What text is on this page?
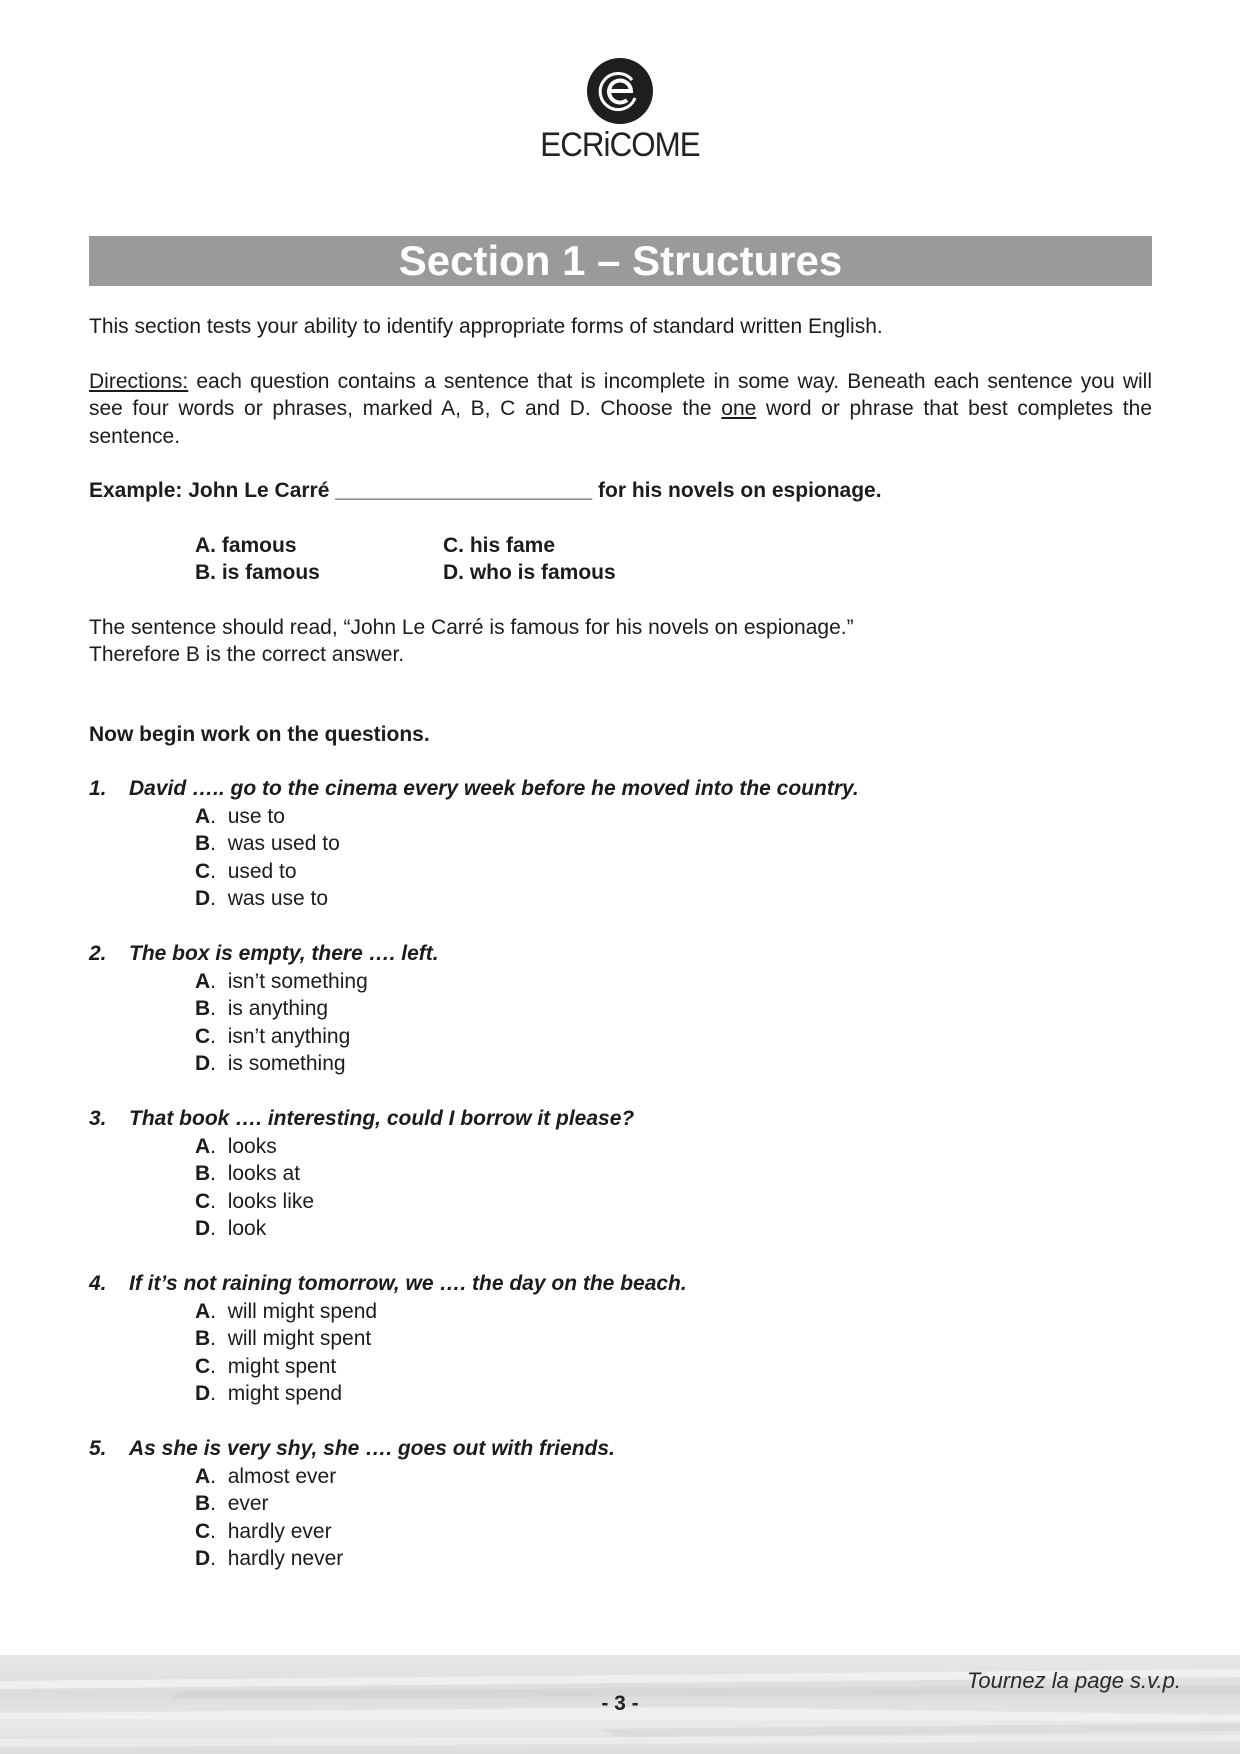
ECRiCOME
Section 1 – Structures

This section tests your ability to identify appropriate forms of standard written English.

Directions: each question contains a sentence that is incomplete in some way. Beneath each sentence you will see four words or phrases, marked A, B, C and D. Choose the one word or phrase that best completes the sentence.

Example: John Le Carré ______________________ for his novels on espionage.

A. famous	C. his fame
B. is famous	D. who is famous

The sentence should read, “John Le Carré is famous for his novels on espionage.”

Therefore B is the correct answer.

Now begin work on the questions.

1.	David ….. go to the cinema every week before he moved into the country.
A.  use to
B.  was used to
C.  used to
D.  was use to
2.	The box is empty, there …. left.
A.  isn’t something
B.  is anything
C.  isn’t anything
D.  is something
3.	That book …. interesting, could I borrow it please?
A.  looks
B.  looks at
C.  looks like
D.  look
4.	If it’s not raining tomorrow, we …. the day on the beach.
A.  will might spend
B.  will might spent
C.  might spent
D.  might spend
5.	As she is very shy, she …. goes out with friends.
A.  almost ever
B.  ever
C.  hardly ever
D.  hardly never
Tournez la page s.v.p.
- 3 -
